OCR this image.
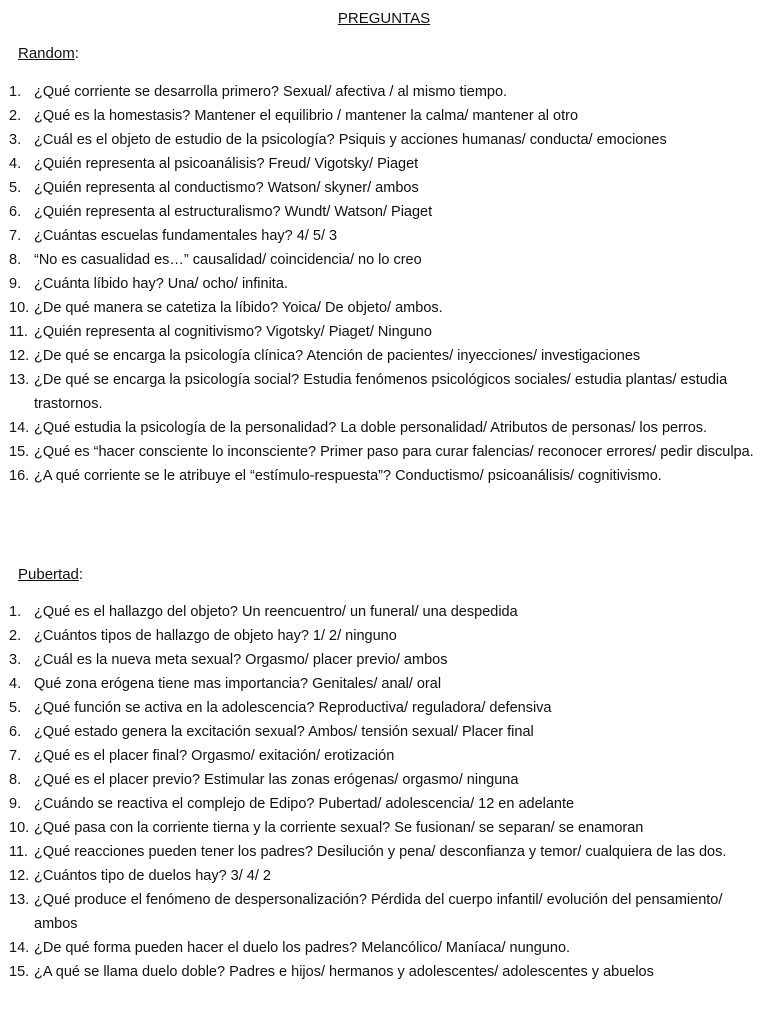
PREGUNTAS
Random:
1. ¿Qué corriente se desarrolla primero? Sexual/ afectiva / al mismo tiempo.
2. ¿Qué es la homestasis? Mantener el equilibrio / mantener la calma/ mantener al otro
3. ¿Cuál es el objeto de estudio de la psicología? Psiquis y acciones humanas/ conducta/ emociones
4. ¿Quién representa al psicoanálisis? Freud/ Vigotsky/ Piaget
5. ¿Quién representa al conductismo? Watson/ skyner/ ambos
6. ¿Quién representa al estructuralismo? Wundt/ Watson/ Piaget
7. ¿Cuántas escuelas fundamentales hay? 4/ 5/ 3
8. “No es casualidad es…” causalidad/ coincidencia/ no lo creo
9. ¿Cuánta líbido hay? Una/ ocho/ infinita.
10. ¿De qué manera se catetiza la líbido? Yoica/ De objeto/ ambos.
11. ¿Quién representa al cognitivismo? Vigotsky/ Piaget/ Ninguno
12. ¿De qué se encarga la psicología clínica? Atención de pacientes/ inyecciones/ investigaciones
13. ¿De qué se encarga la psicología social? Estudia fenómenos psicológicos sociales/ estudia plantas/ estudia trastornos.
14. ¿Qué estudia la psicología de la personalidad? La doble personalidad/ Atributos de personas/ los perros.
15. ¿Qué es “hacer consciente lo inconsciente? Primer paso para curar falencias/ reconocer errores/ pedir disculpa.
16. ¿A qué corriente se le atribuye el “estímulo-respuesta”? Conductismo/ psicoanálisis/ cognitivismo.
Pubertad:
1. ¿Qué es el hallazgo del objeto? Un reencuentro/ un funeral/ una despedida
2. ¿Cuántos tipos de hallazgo de objeto hay? 1/ 2/ ninguno
3. ¿Cuál es la nueva meta sexual? Orgasmo/ placer previo/ ambos
4. Qué zona erógena tiene mas importancia? Genitales/ anal/ oral
5. ¿Qué función se activa en la adolescencia? Reproductiva/ reguladora/ defensiva
6. ¿Qué estado genera la excitación sexual? Ambos/ tensión sexual/ Placer final
7. ¿Qué es el placer final? Orgasmo/ exitación/ erotización
8. ¿Qué es el placer previo? Estimular las zonas erógenas/ orgasmo/ ninguna
9. ¿Cuándo se reactiva el complejo de Edipo? Pubertad/ adolescencia/ 12 en adelante
10. ¿Qué pasa con la corriente tierna y la corriente sexual? Se fusionan/ se separan/ se enamoran
11. ¿Qué reacciones pueden tener los padres? Desilución y pena/ desconfianza y temor/ cualquiera de las dos.
12. ¿Cuántos tipo de duelos hay? 3/ 4/ 2
13. ¿Qué produce el fenómeno de despersonalización? Pérdida del cuerpo infantil/ evolución del pensamiento/ ambos
14. ¿De qué forma pueden hacer el duelo los padres? Melancólico/ Maníaca/ nunguno.
15. ¿A qué se llama duelo doble? Padres e hijos/ hermanos y adolescentes/ adolescentes y abuelos
